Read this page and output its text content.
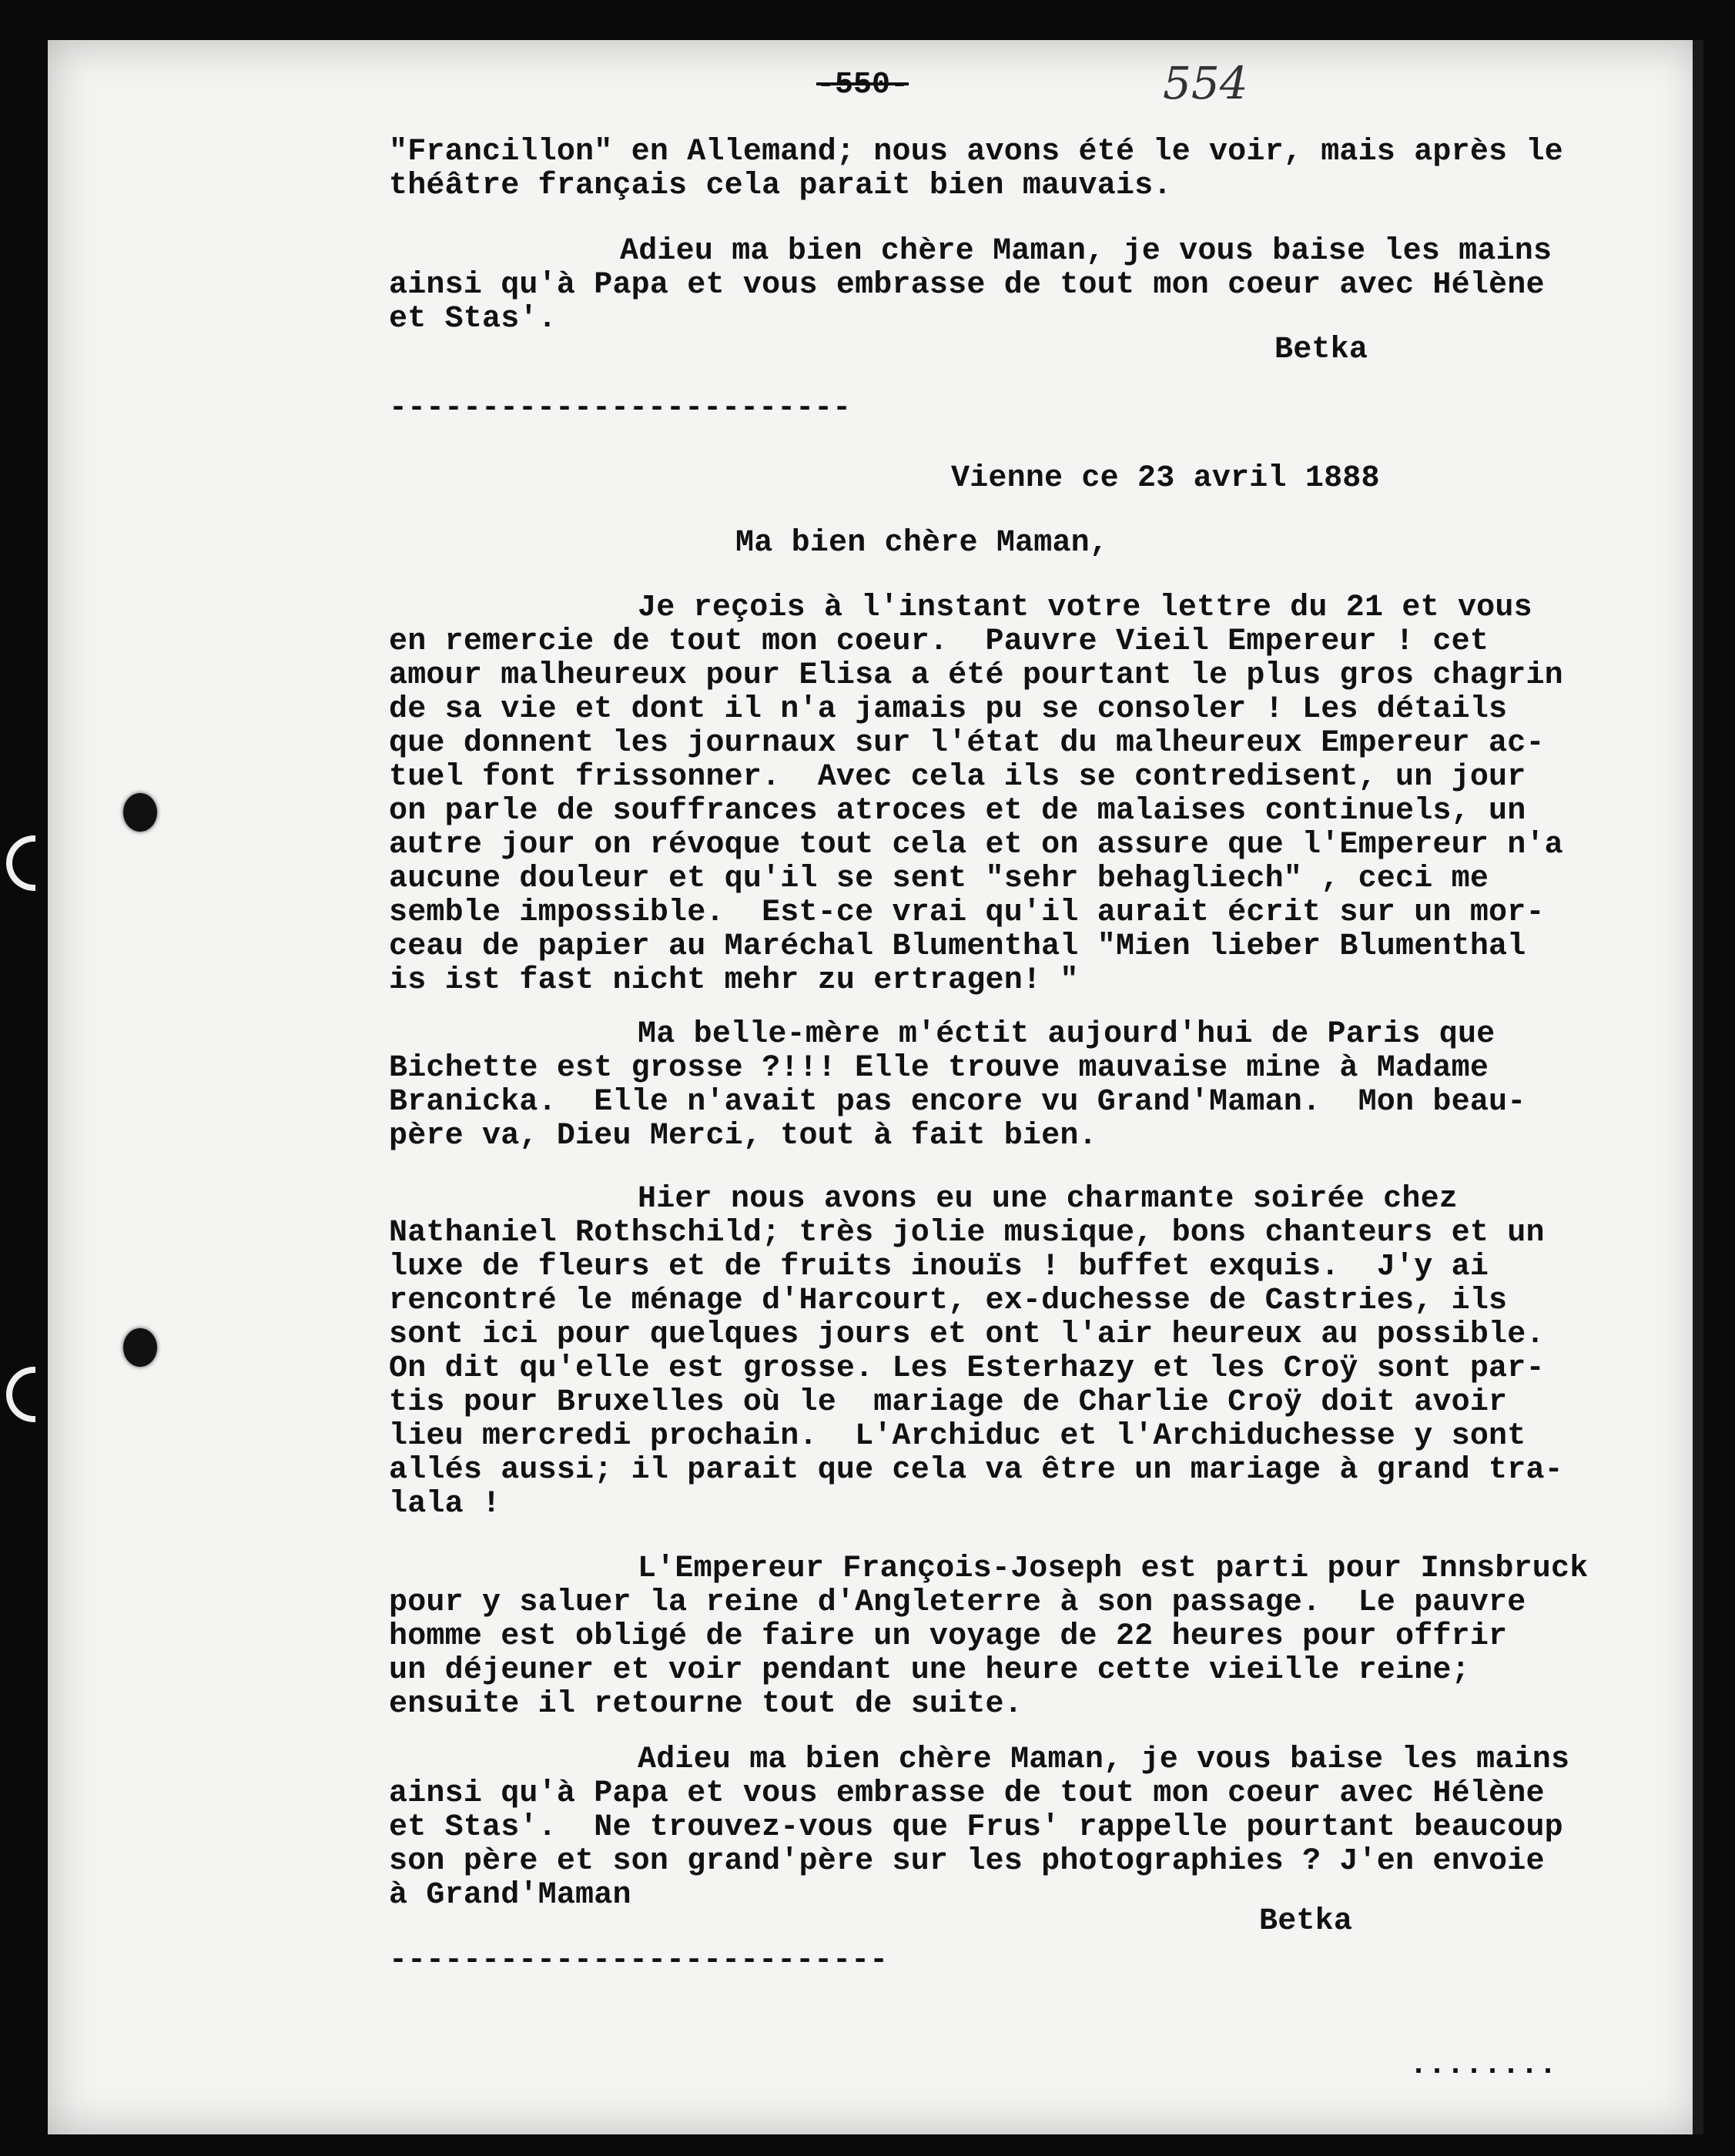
-550-	554
"Francillon" en Allemand; nous avons été le voir, mais après le
théâtre français cela parait bien mauvais.
Adieu ma bien chère Maman, je vous baise les mains
ainsi qu'à Papa et vous embrasse de tout mon coeur avec Hélène
et Stas'.
Betka
-------------------------
Vienne ce 23 avril 1888
Ma bien chère Maman,
Je reçois à l'instant votre lettre du 21 et vous
en remercie de tout mon coeur.  Pauvre Vieil Empereur ! cet
amour malheureux pour Elisa a été pourtant le plus gros chagrin
de sa vie et dont il n'a jamais pu se consoler ! Les détails
que donnent les journaux sur l'état du malheureux Empereur ac-
tuel font frissonner.  Avec cela ils se contredisent, un jour
on parle de souffrances atroces et de malaises continuels, un
autre jour on révoque tout cela et on assure que l'Empereur n'a
aucune douleur et qu'il se sent "sehr behagliech" , ceci me
semble impossible.  Est-ce vrai qu'il aurait écrit sur un mor-
ceau de papier au Maréchal Blumenthal "Mien lieber Blumenthal
is ist fast nicht mehr zu ertragen! "
Ma belle-mère m'éctit aujourd'hui de Paris que
Bichette est grosse ?!!! Elle trouve mauvaise mine à Madame
Branicka.  Elle n'avait pas encore vu Grand'Maman.  Mon beau-
père va, Dieu Merci, tout à fait bien.
Hier nous avons eu une charmante soirée chez
Nathaniel Rothschild; très jolie musique, bons chanteurs et un
luxe de fleurs et de fruits inouïs ! buffet exquis.  J'y ai
rencontré le ménage d'Harcourt, ex-duchesse de Castries, ils
sont ici pour quelques jours et ont l'air heureux au possible.
On dit qu'elle est grosse. Les Esterhazy et les Croÿ sont par-
tis pour Bruxelles où le  mariage de Charlie Croÿ doit avoir
lieu mercredi prochain.  L'Archiduc et l'Archiduchesse y sont
allés aussi; il parait que cela va être un mariage à grand tra-
lala !
L'Empereur François-Joseph est parti pour Innsbruck
pour y saluer la reine d'Angleterre à son passage.  Le pauvre
homme est obligé de faire un voyage de 22 heures pour offrir
un déjeuner et voir pendant une heure cette vieille reine;
ensuite il retourne tout de suite.
Adieu ma bien chère Maman, je vous baise les mains
ainsi qu'à Papa et vous embrasse de tout mon coeur avec Hélène
et Stas'.  Ne trouvez-vous que Frus' rappelle pourtant beaucoup
son père et son grand'père sur les photographies ? J'en envoie
à Grand'Maman
Betka
---------------------------
........
